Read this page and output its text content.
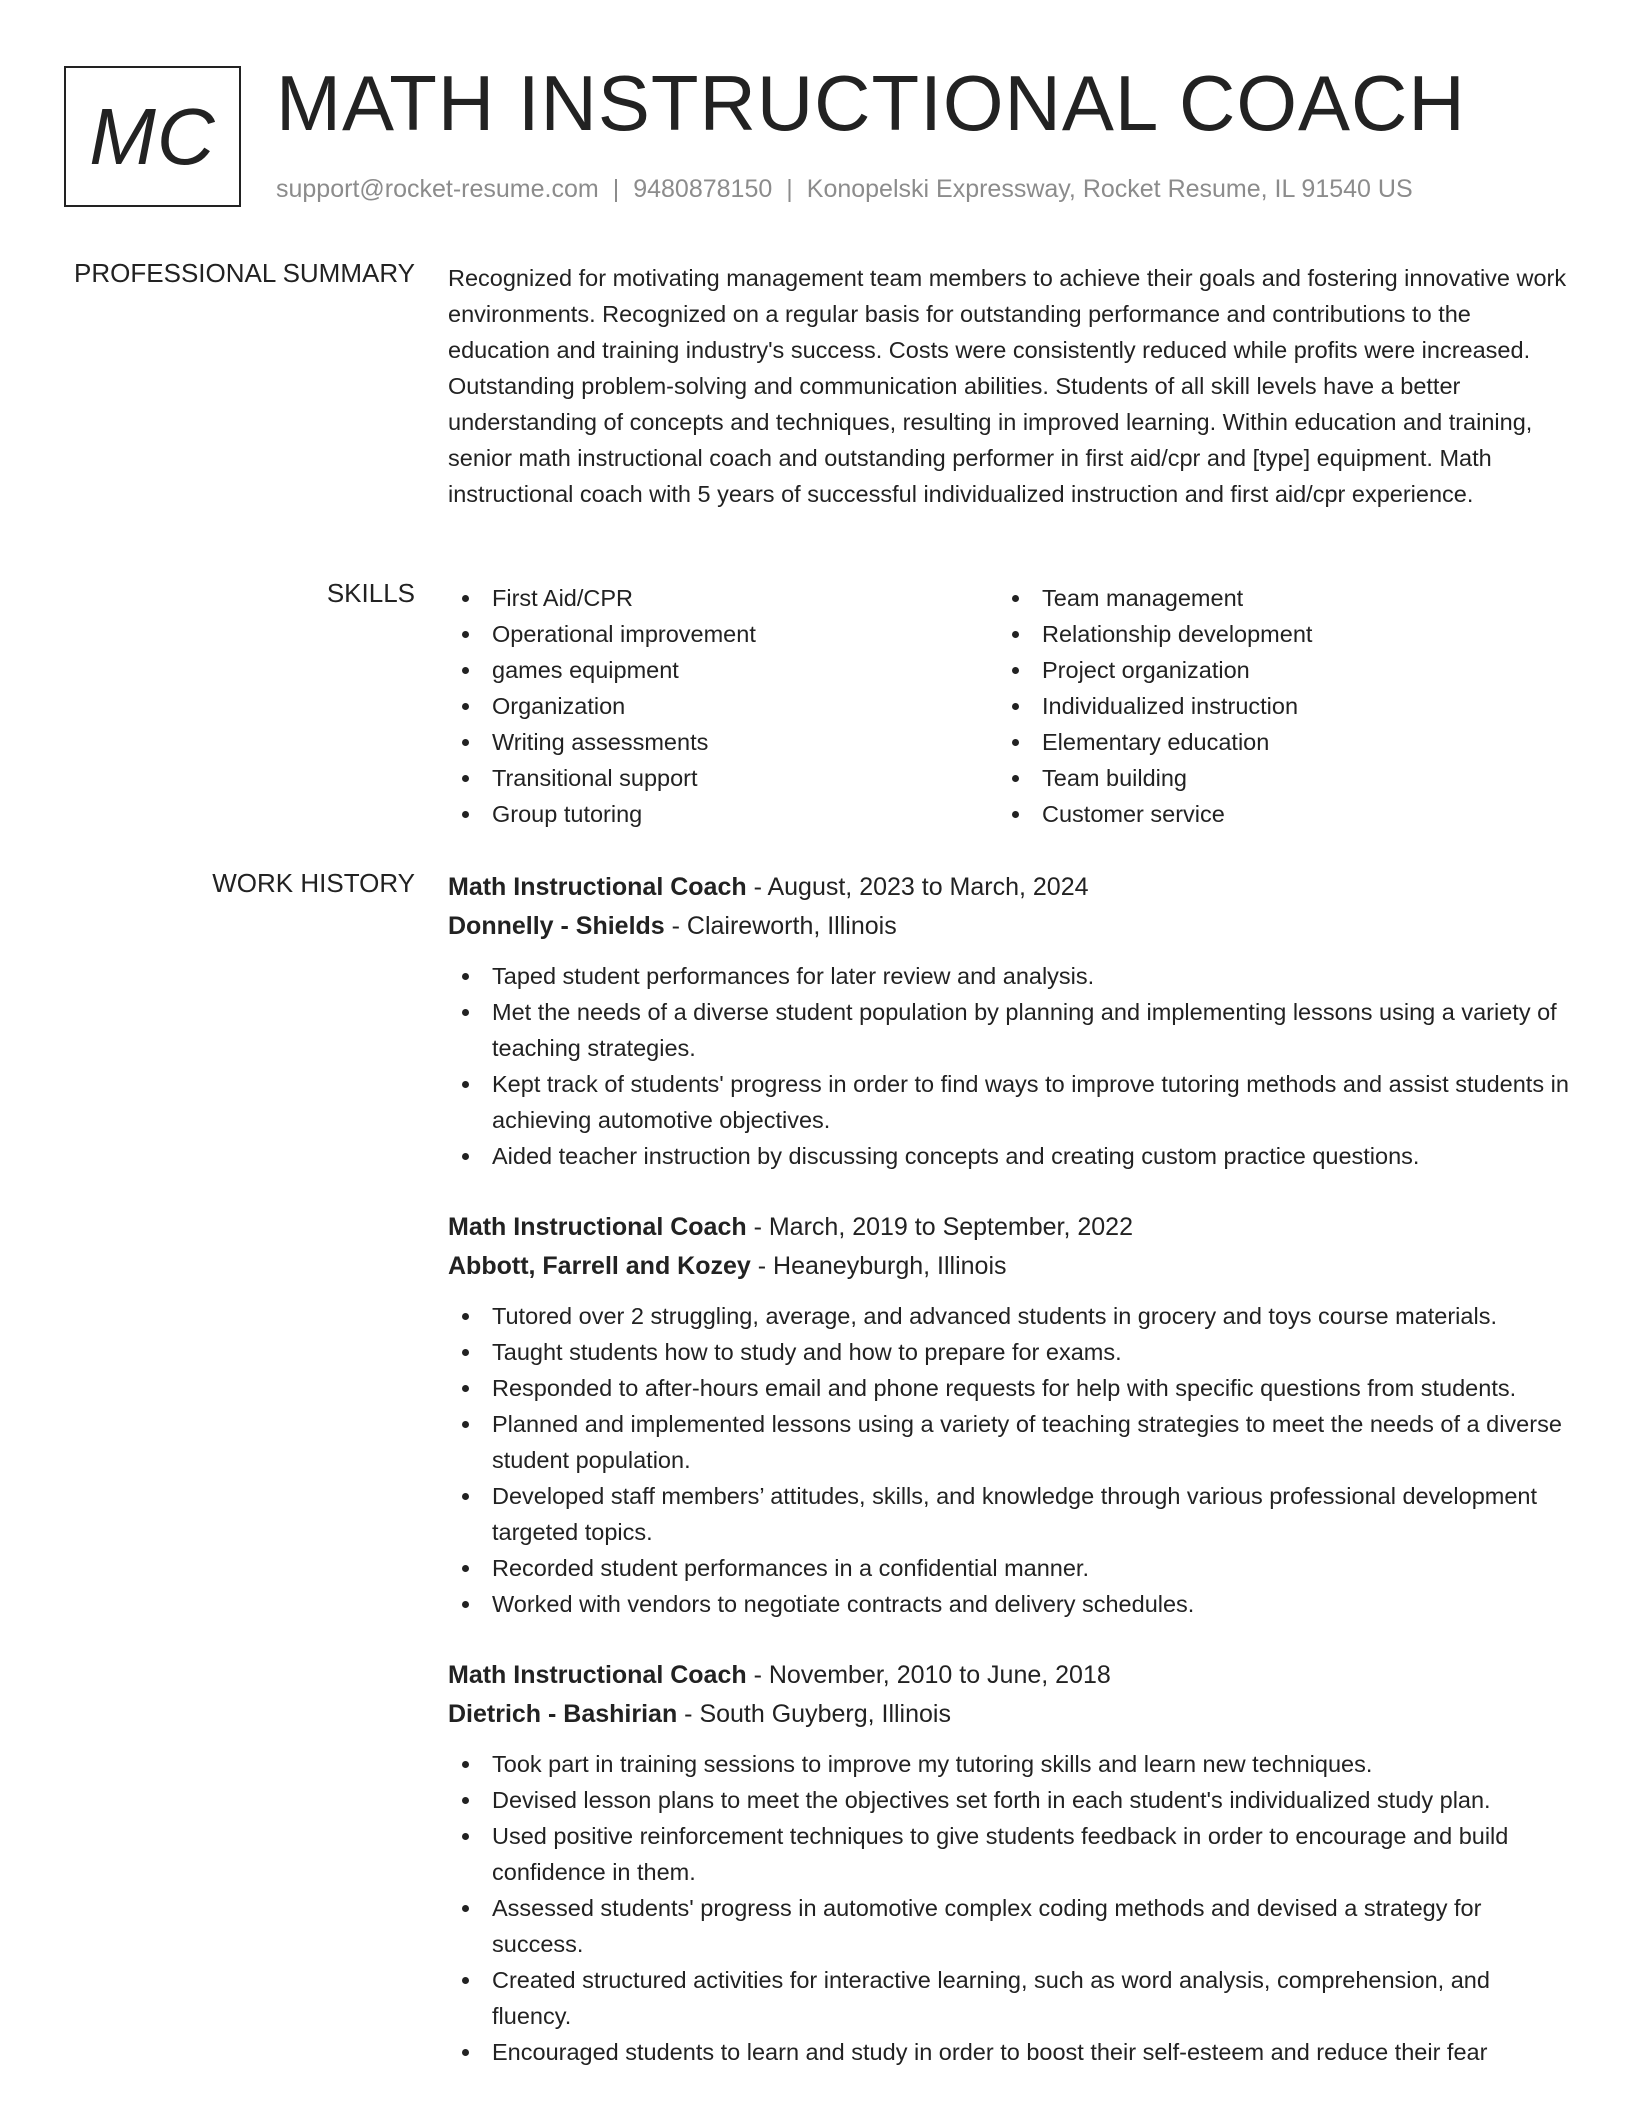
MC MATH INSTRUCTIONAL COACH
support@rocket-resume.com | 9480878150 | Konopelski Expressway, Rocket Resume, IL 91540 US
PROFESSIONAL SUMMARY Recognized for motivating management team members to achieve their goals and fostering innovative work environments. Recognized on a regular basis for outstanding performance and contributions to the education and training industry's success. Costs were consistently reduced while profits were increased. Outstanding problem-solving and communication abilities. Students of all skill levels have a better understanding of concepts and techniques, resulting in improved learning. Within education and training, senior math instructional coach and outstanding performer in first aid/cpr and [type] equipment. Math instructional coach with 5 years of successful individualized instruction and first aid/cpr experience.

SKILLS	First Aid/CPR
Operational improvement
games equipment
Organization
Writing assessments
Transitional support
Group tutoring
Team management
Relationship development
Project organization
Individualized instruction
Elementary education
Team building
Customer service
WORK HISTORY Math Instructional Coach - August, 2023 to March, 2024
Donnelly - Shields - Claireworth, Illinois
Taped student performances for later review and analysis.
Met the needs of a diverse student population by planning and implementing lessons using a variety of teaching strategies.
Kept track of students' progress in order to find ways to improve tutoring methods and assist students in achieving automotive objectives.
Aided teacher instruction by discussing concepts and creating custom practice questions.
Math Instructional Coach - March, 2019 to September, 2022
Abbott, Farrell and Kozey - Heaneyburgh, Illinois
Tutored over 2 struggling, average, and advanced students in grocery and toys course materials.
Taught students how to study and how to prepare for exams.
Responded to after-hours email and phone requests for help with specific questions from students.
Planned and implemented lessons using a variety of teaching strategies to meet the needs of a diverse student population.
Developed staff members’ attitudes, skills, and knowledge through various professional development targeted topics.
Recorded student performances in a confidential manner.
Worked with vendors to negotiate contracts and delivery schedules.
Math Instructional Coach - November, 2010 to June, 2018
Dietrich - Bashirian - South Guyberg, Illinois
Took part in training sessions to improve my tutoring skills and learn new techniques.
Devised lesson plans to meet the objectives set forth in each student's individualized study plan.
Used positive reinforcement techniques to give students feedback in order to encourage and build confidence in them.
Assessed students' progress in automotive complex coding methods and devised a strategy for success.
Created structured activities for interactive learning, such as word analysis, comprehension, and fluency.
Encouraged students to learn and study in order to boost their self-esteem and reduce their fear
